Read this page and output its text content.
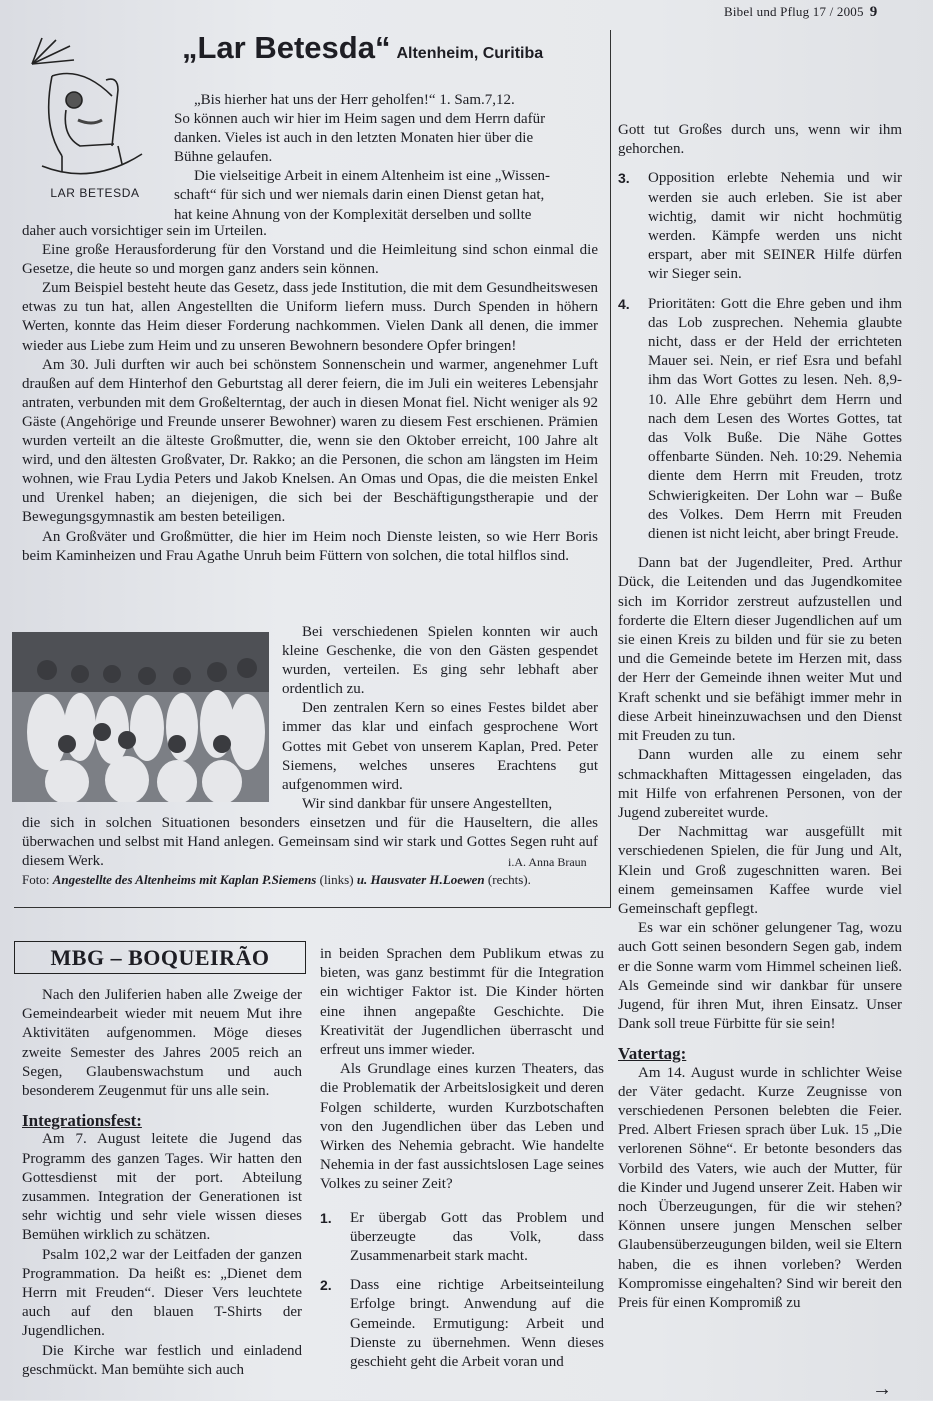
Bibel und Pflug 17 / 2005 9
LAR BETESDA
„Lar Betesda“ Altenheim, Curitiba
„Bis hierher hat uns der Herr geholfen!“ 1. Sam.7,12.
So können auch wir hier im Heim sagen und dem Herrn dafür
danken. Vieles ist auch in den letzten Monaten hier über die
Bühne gelaufen.
Die vielseitige Arbeit in einem Altenheim ist eine „Wissen-
schaft“ für sich und wer niemals darin einen Dienst getan hat,
hat keine Ahnung von der Komplexität derselben und sollte

daher auch vorsichtiger sein im Urteilen.

Eine große Herausforderung für den Vorstand und die Heimleitung sind schon einmal die Gesetze, die heute so und morgen ganz anders sein können.

Zum Beispiel besteht heute das Gesetz, dass jede Institution, die mit dem Gesundheitswesen etwas zu tun hat, allen Angestellten die Uniform liefern muss. Durch Spenden in höhern Werten, konnte das Heim dieser Forderung nachkommen. Vielen Dank all denen, die immer wieder aus Liebe zum Heim und zu unseren Bewohnern besondere Opfer bringen!

Am 30. Juli durften wir auch bei schönstem Sonnenschein und warmer, angenehmer Luft draußen auf dem Hinterhof den Geburtstag all derer feiern, die im Juli ein weiteres Lebensjahr antraten, verbunden mit dem Großelterntag, der auch in diesen Monat fiel. Nicht weniger als 92 Gäste (Angehörige und Freunde unserer Bewohner) waren zu diesem Fest erschienen. Prämien wurden verteilt an die älteste Großmutter, die, wenn sie den Oktober erreicht, 100 Jahre alt wird, und den ältesten Großvater, Dr. Rakko; an die Personen, die schon am längsten im Heim wohnen, wie Frau Lydia Peters und Jakob Knelsen. An Omas und Opas, die die meisten Enkel und Urenkel haben; an diejenigen, die sich bei der Beschäftigungstherapie und der Bewegungsgymnastik am besten beteiligen.

An Großväter und Großmütter, die hier im Heim noch Dienste leisten, so wie Herr Boris beim Kaminheizen und Frau Agathe Unruh beim Füttern von solchen, die total hilflos sind.

Bei verschiedenen Spielen konnten wir auch kleine Geschenke, die von den Gästen gespendet wurden, verteilen. Es ging sehr lebhaft aber ordentlich zu.

Den zentralen Kern so eines Festes bildet aber immer das klar und einfach gesprochene Wort Gottes mit Gebet von unserem Kaplan, Pred. Peter Siemens, welches unseres Erachtens gut aufgenommen wird.

Wir sind dankbar für unsere Angestellten,

die sich in solchen Situationen besonders einsetzen und für die Hauseltern, die alles überwachen und selbst mit Hand anlegen. Gemeinsam sind wir stark und Gottes Segen ruht auf diesem Werk.	i.A. Anna Braun
Foto: Angestellte des Altenheims mit Kaplan P.Siemens (links) u. Hausvater H.Loewen (rechts).

Gott tut Großes durch uns, wenn wir ihm gehorchen.

3. Opposition erlebte Nehemia und wir werden sie auch erleben. Sie ist aber wichtig, damit wir nicht hochmütig werden. Kämpfe werden uns nicht erspart, aber mit SEINER Hilfe dürfen wir Sieger sein.

4. Prioritäten: Gott die Ehre geben und ihm das Lob zusprechen. Nehemia glaubte nicht, dass er der Held der errichteten Mauer sei. Nein, er rief Esra und befahl ihm das Wort Gottes zu lesen. Neh. 8,9-10. Alle Ehre gebührt dem Herrn und nach dem Lesen des Wortes Gottes, tat das Volk Buße. Die Nähe Gottes offenbarte Sünden. Neh. 10:29. Nehemia diente dem Herrn mit Freuden, trotz Schwierigkeiten. Der Lohn war – Buße des Volkes. Dem Herrn mit Freuden dienen ist nicht leicht, aber bringt Freude.

Dann bat der Jugendleiter, Pred. Arthur Dück, die Leitenden und das Jugendkomitee sich im Korridor zerstreut aufzustellen und forderte die Eltern dieser Jugendlichen auf um sie einen Kreis zu bilden und für sie zu beten und die Gemeinde betete im Herzen mit, dass der Herr der Gemeinde ihnen weiter Mut und Kraft schenkt und sie befähigt immer mehr in diese Arbeit hineinzuwachsen und den Dienst mit Freuden zu tun.

Dann wurden alle zu einem sehr schmackhaften Mittagessen eingeladen, das mit Hilfe von erfahrenen Personen, von der Jugend zubereitet wurde.

Der Nachmittag war ausgefüllt mit verschiedenen Spielen, die für Jung und Alt, Klein und Groß zugeschnitten waren. Bei einem gemeinsamen Kaffee wurde viel Gemeinschaft gepflegt.

Es war ein schöner gelungener Tag, wozu auch Gott seinen besondern Segen gab, indem er die Sonne warm vom Himmel scheinen ließ. Als Gemeinde sind wir dankbar für unsere Jugend, für ihren Mut, ihren Einsatz. Unser Dank soll treue Fürbitte für sie sein!

Vatertag:

Am 14. August wurde in schlichter Weise der Väter gedacht. Kurze Zeugnisse von verschiedenen Personen belebten die Feier. Pred. Albert Friesen sprach über Luk. 15 „Die verlorenen Söhne“. Er betonte besonders das Vorbild des Vaters, wie auch der Mutter, für die Kinder und Jugend unserer Zeit. Haben wir noch Überzeugungen, für die wir stehen? Können unsere jungen Menschen selber Glaubensüberzeugungen bilden, weil sie Eltern haben, die es ihnen vorleben? Werden Kompromisse eingehalten? Sind wir bereit den Preis für einen Kompromiß zu

→
MBG – BOQUEIRÃO

Nach den Juliferien haben alle Zweige der Gemeindearbeit wieder mit neuem Mut ihre Aktivitäten aufgenommen. Möge dieses zweite Semester des Jahres 2005 reich an Segen, Glaubenswachstum und auch besonderem Zeugenmut für uns alle sein.

Integrationsfest:

Am 7. August leitete die Jugend das Programm des ganzen Tages. Wir hatten den Gottesdienst mit der port. Abteilung zusammen. Integration der Generationen ist sehr wichtig und sehr viele wissen dieses Bemühen wirklich zu schätzen.

Psalm 102,2 war der Leitfaden der ganzen Programmation. Da heißt es: „Dienet dem Herrn mit Freuden“. Dieser Vers leuchtete auch auf den blauen T-Shirts der Jugendlichen.

Die Kirche war festlich und einladend geschmückt. Man bemühte sich auch

in beiden Sprachen dem Publikum etwas zu bieten, was ganz bestimmt für die Integration ein wichtiger Faktor ist. Die Kinder hörten eine ihnen angepaßte Geschichte. Die Kreativität der Jugendlichen überrascht und erfreut uns immer wieder.

Als Grundlage eines kurzen Theaters, das die Problematik der Arbeitslosigkeit und deren Folgen schilderte, wurden Kurzbotschaften von den Jugendlichen über das Leben und Wirken des Nehemia gebracht. Wie handelte Nehemia in der fast aussichtslosen Lage seines Volkes zu seiner Zeit?

1. Er übergab Gott das Problem und überzeugte das Volk, dass Zusammenarbeit stark macht.

2. Dass eine richtige Arbeitseinteilung Erfolge bringt. Anwendung auf die Gemeinde. Ermutigung: Arbeit und Dienste zu übernehmen. Wenn dieses geschieht geht die Arbeit voran und
